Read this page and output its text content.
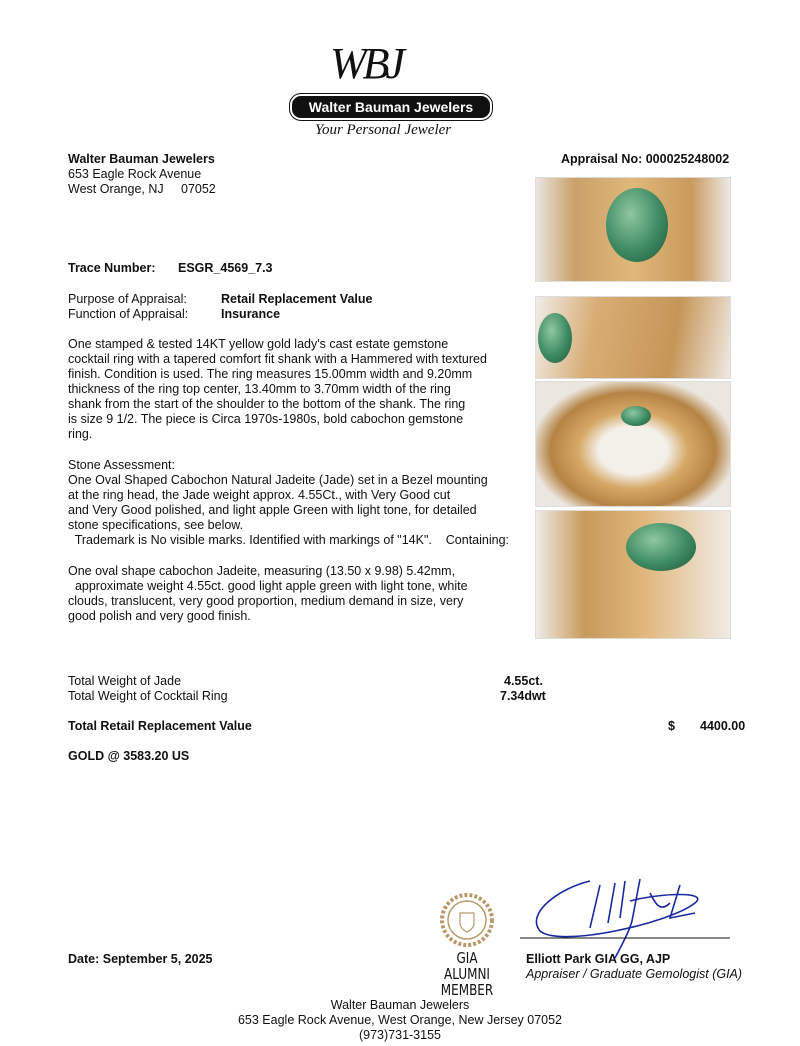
WBJ
Walter Bauman Jewelers
Your Personal Jeweler
Walter Bauman Jewelers
653 Eagle Rock Avenue
West Orange, NJ     07052
Appraisal No: 000025248002
Trace Number: ESGR_4569_7.3
Purpose of Appraisal:	Retail Replacement Value
Function of Appraisal:	Insurance
One stamped & tested 14KT yellow gold lady's cast estate gemstone
cocktail ring with a tapered comfort fit shank with a Hammered with textured
finish. Condition is used. The ring measures 15.00mm width and 9.20mm
thickness of the ring top center, 13.40mm to 3.70mm width of the ring
shank from the start of the shoulder to the bottom of the shank. The ring
is size 9 1/2. The piece is Circa 1970s-1980s, bold cabochon gemstone
ring.
Stone Assessment:
One Oval Shaped Cabochon Natural Jadeite (Jade) set in a Bezel mounting
at the ring head, the Jade weight approx. 4.55Ct., with Very Good cut
and Very Good polished, and light apple Green with light tone, for detailed
stone specifications, see below.
Trademark is No visible marks. Identified with markings of "14K".    Containing:
One oval shape cabochon Jadeite, measuring (13.50 x 9.98) 5.42mm,
approximate weight 4.55ct. good light apple green with light tone, white
clouds, translucent, very good proportion, medium demand in size, very
good polish and very good finish.
Total Weight of Jade	4.55ct.
Total Weight of Cocktail Ring	7.34dwt
Total Retail Replacement Value	$ 4400.00
GOLD @ 3583.20 US
Date: September 5, 2025	GIA ALUMNI
MEMBER
Elliott Park GIA GG, AJP
Appraiser / Graduate Gemologist (GIA)
Walter Bauman Jewelers
653 Eagle Rock Avenue, West Orange, New Jersey 07052
(973)731-3155
